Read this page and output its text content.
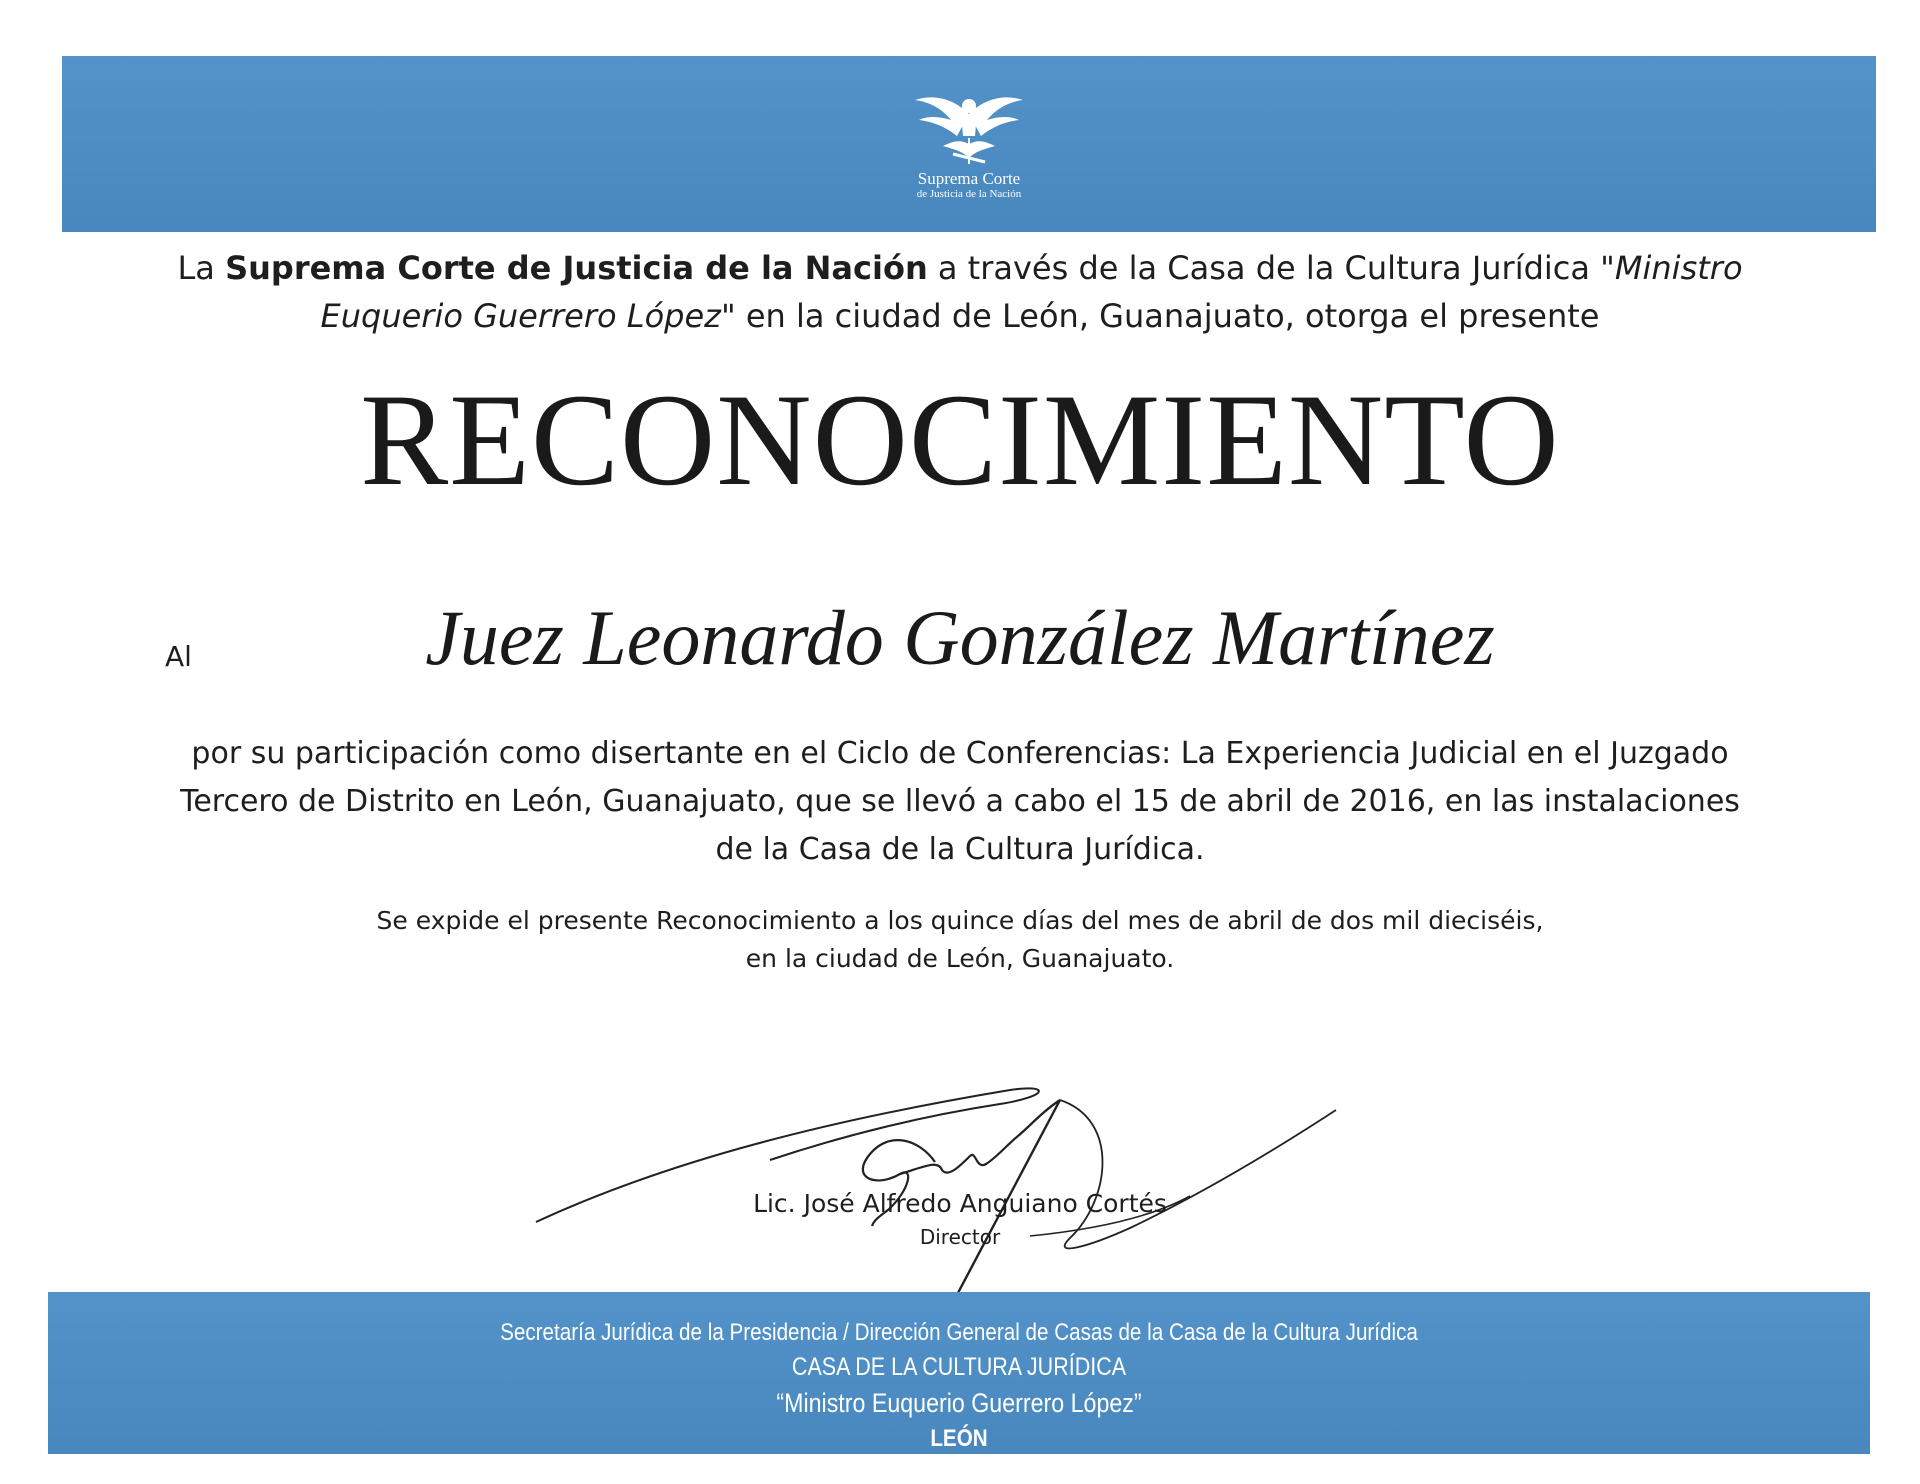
Suprema Corte
de Justicia de la Nación
La Suprema Corte de Justicia de la Nación a través de la Casa de la Cultura Jurídica "Ministro Euquerio Guerrero López" en la ciudad de León, Guanajuato, otorga el presente
RECONOCIMIENTO
Al	Juez Leonardo González Martínez
por su participación como disertante en el Ciclo de Conferencias: La Experiencia Judicial en el Juzgado Tercero de Distrito en León, Guanajuato, que se llevó a cabo el 15 de abril de 2016, en las instalaciones de la Casa de la Cultura Jurídica.
Se expide el presente Reconocimiento a los quince días del mes de abril de dos mil dieciséis,
en la ciudad de León, Guanajuato.
Lic. José Alfredo Anguiano Cortés
Director
Secretaría Jurídica de la Presidencia / Dirección General de Casas de la Casa de la Cultura Jurídica
CASA DE LA CULTURA JURÍDICA
“Ministro Euquerio Guerrero López”
LEÓN
